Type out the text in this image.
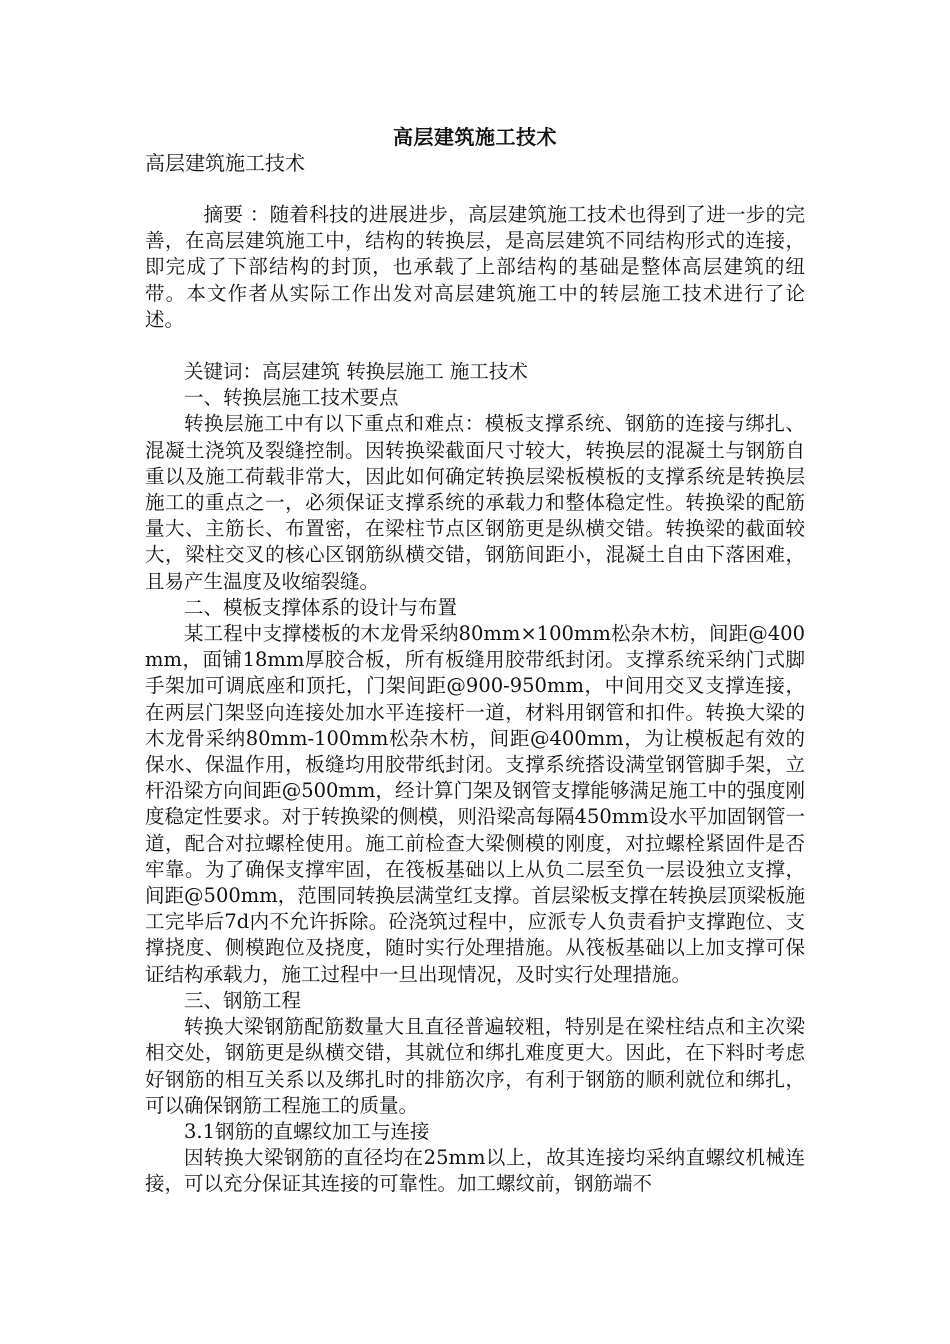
高层建筑施工技术

高层建筑施工技术

摘要 ：随着科技的进展进步，高层建筑施工技术也得到了进一步的完善，在高层建筑施工中，结构的转换层，是高层建筑不同结构形式的连接，即完成了下部结构的封顶，也承载了上部结构的基础是整体高层建筑的纽带。本文作者从实际工作出发对高层建筑施工中的转层施工技术进行了论述。

关键词：高层建筑 转换层施工 施工技术

一、转换层施工技术要点

转换层施工中有以下重点和难点：模板支撑系统、钢筋的连接与绑扎、混凝土浇筑及裂缝控制。因转换梁截面尺寸较大，转换层的混凝土与钢筋自重以及施工荷载非常大，因此如何确定转换层梁板模板的支撑系统是转换层施工的重点之一，必须保证支撑系统的承载力和整体稳定性。转换梁的配筋量大、主筋长、布置密，在梁柱节点区钢筋更是纵横交错。转换梁的截面较大，梁柱交叉的核心区钢筋纵横交错，钢筋间距小，混凝土自由下落困难，且易产生温度及收缩裂缝。

二、模板支撑体系的设计与布置

某工程中支撑楼板的木龙骨采纳80mm×100mm松杂木枋，间距@400mm，面铺18mm厚胶合板，所有板缝用胶带纸封闭。支撑系统采纳门式脚手架加可调底座和顶托，门架间距@900-950mm，中间用交叉支撑连接，在两层门架竖向连接处加水平连接杆一道，材料用钢管和扣件。转换大梁的木龙骨采纳80mm-100mm松杂木枋，间距@400mm，为让模板起有效的保水、保温作用，板缝均用胶带纸封闭。支撑系统搭设满堂钢管脚手架，立杆沿梁方向间距@500mm，经计算门架及钢管支撑能够满足施工中的强度刚度稳定性要求。对于转换梁的侧模，则沿梁高每隔450mm设水平加固钢管一道，配合对拉螺栓使用。施工前检查大梁侧模的刚度，对拉螺栓紧固件是否牢靠。为了确保支撑牢固，在筏板基础以上从负二层至负一层设独立支撑，间距@500mm，范围同转换层满堂红支撑。首层梁板支撑在转换层顶梁板施工完毕后7d内不允许拆除。砼浇筑过程中，应派专人负责看护支撑跑位、支撑挠度、侧模跑位及挠度，随时实行处理措施。从筏板基础以上加支撑可保证结构承载力，施工过程中一旦出现情况，及时实行处理措施。

三、钢筋工程

转换大梁钢筋配筋数量大且直径普遍较粗，特别是在梁柱结点和主次梁相交处，钢筋更是纵横交错，其就位和绑扎难度更大。因此，在下料时考虑好钢筋的相互关系以及绑扎时的排筋次序，有利于钢筋的顺利就位和绑扎，可以确保钢筋工程施工的质量。

3.1钢筋的直螺纹加工与连接

因转换大梁钢筋的直径均在25mm以上，故其连接均采纳直螺纹机械连接，可以充分保证其连接的可靠性。加工螺纹前，钢筋端不
